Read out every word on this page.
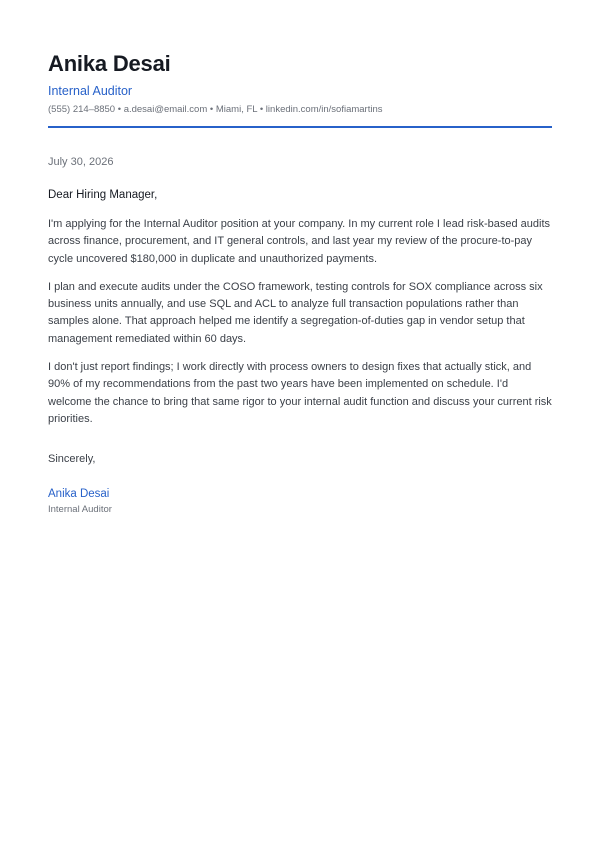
Anika Desai
Internal Auditor
(555) 214–8850 • a.desai@email.com • Miami, FL • linkedin.com/in/sofiamartins
July 30, 2026
Dear Hiring Manager,

I'm applying for the Internal Auditor position at your company. In my current role I lead risk-based audits across finance, procurement, and IT general controls, and last year my review of the procure-to-pay cycle uncovered $180,000 in duplicate and unauthorized payments.

I plan and execute audits under the COSO framework, testing controls for SOX compliance across six business units annually, and use SQL and ACL to analyze full transaction populations rather than samples alone. That approach helped me identify a segregation-of-duties gap in vendor setup that management remediated within 60 days.

I don't just report findings; I work directly with process owners to design fixes that actually stick, and 90% of my recommendations from the past two years have been implemented on schedule. I'd welcome the chance to bring that same rigor to your internal audit function and discuss your current risk priorities.

Sincerely,
Anika Desai
Internal Auditor
